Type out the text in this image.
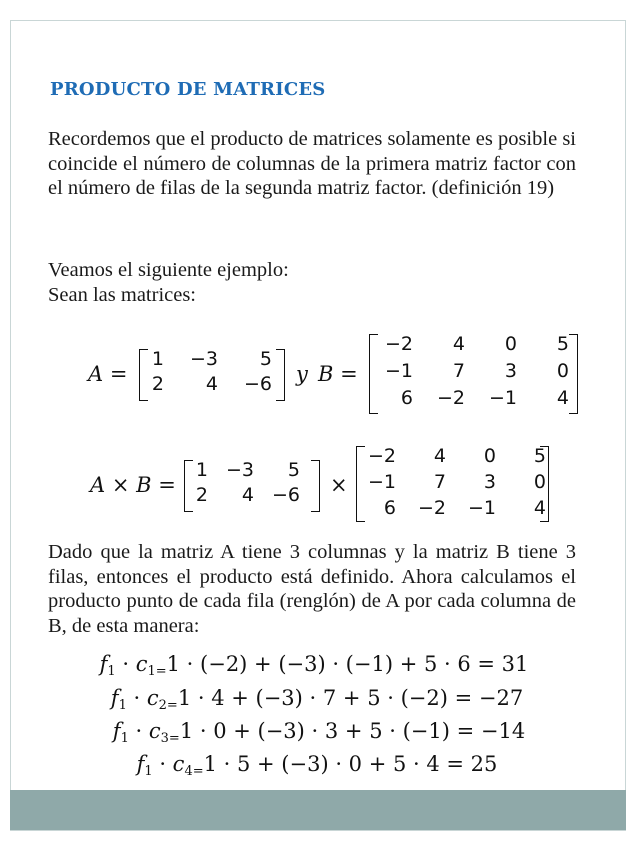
PRODUCTO DE MATRICES
Recordemos que el producto de matrices solamente es posible si coincide el número de columnas de la primera matriz factor con el número de filas de la segunda matriz factor. (definición 19)
Veamos el siguiente ejemplo:
Sean las matrices:
A =
1	−3	5
2	4	−6 y B =
−2	4	0	5
−1	7	3	0
6	−2	−1	4
A × B =
1 −3	5
2	4 −6 ×
−2	4	0	5
−1	7	3	0
6	−2	−1	4
Dado que la matriz A tiene 3 columnas y la matriz B tiene 3 filas, entonces el producto está definido. Ahora calculamos el producto punto de cada fila (renglón) de A por cada columna de B, de esta manera:
$f_1 \cdot c_{1=}1 \cdot (-2) + (-3) \cdot (-1) + 5 \cdot 6 = 31$
$f_1 \cdot c_{2=}1 \cdot 4 + (-3) \cdot 7 + 5 \cdot (-2) = -27$
$f_1 \cdot c_{3=}1 \cdot 0 + (-3) \cdot 3 + 5 \cdot (-1) = -14$
$f_1 \cdot c_{4=}1 \cdot 5 + (-3) \cdot 0 + 5 \cdot 4 = 25$
